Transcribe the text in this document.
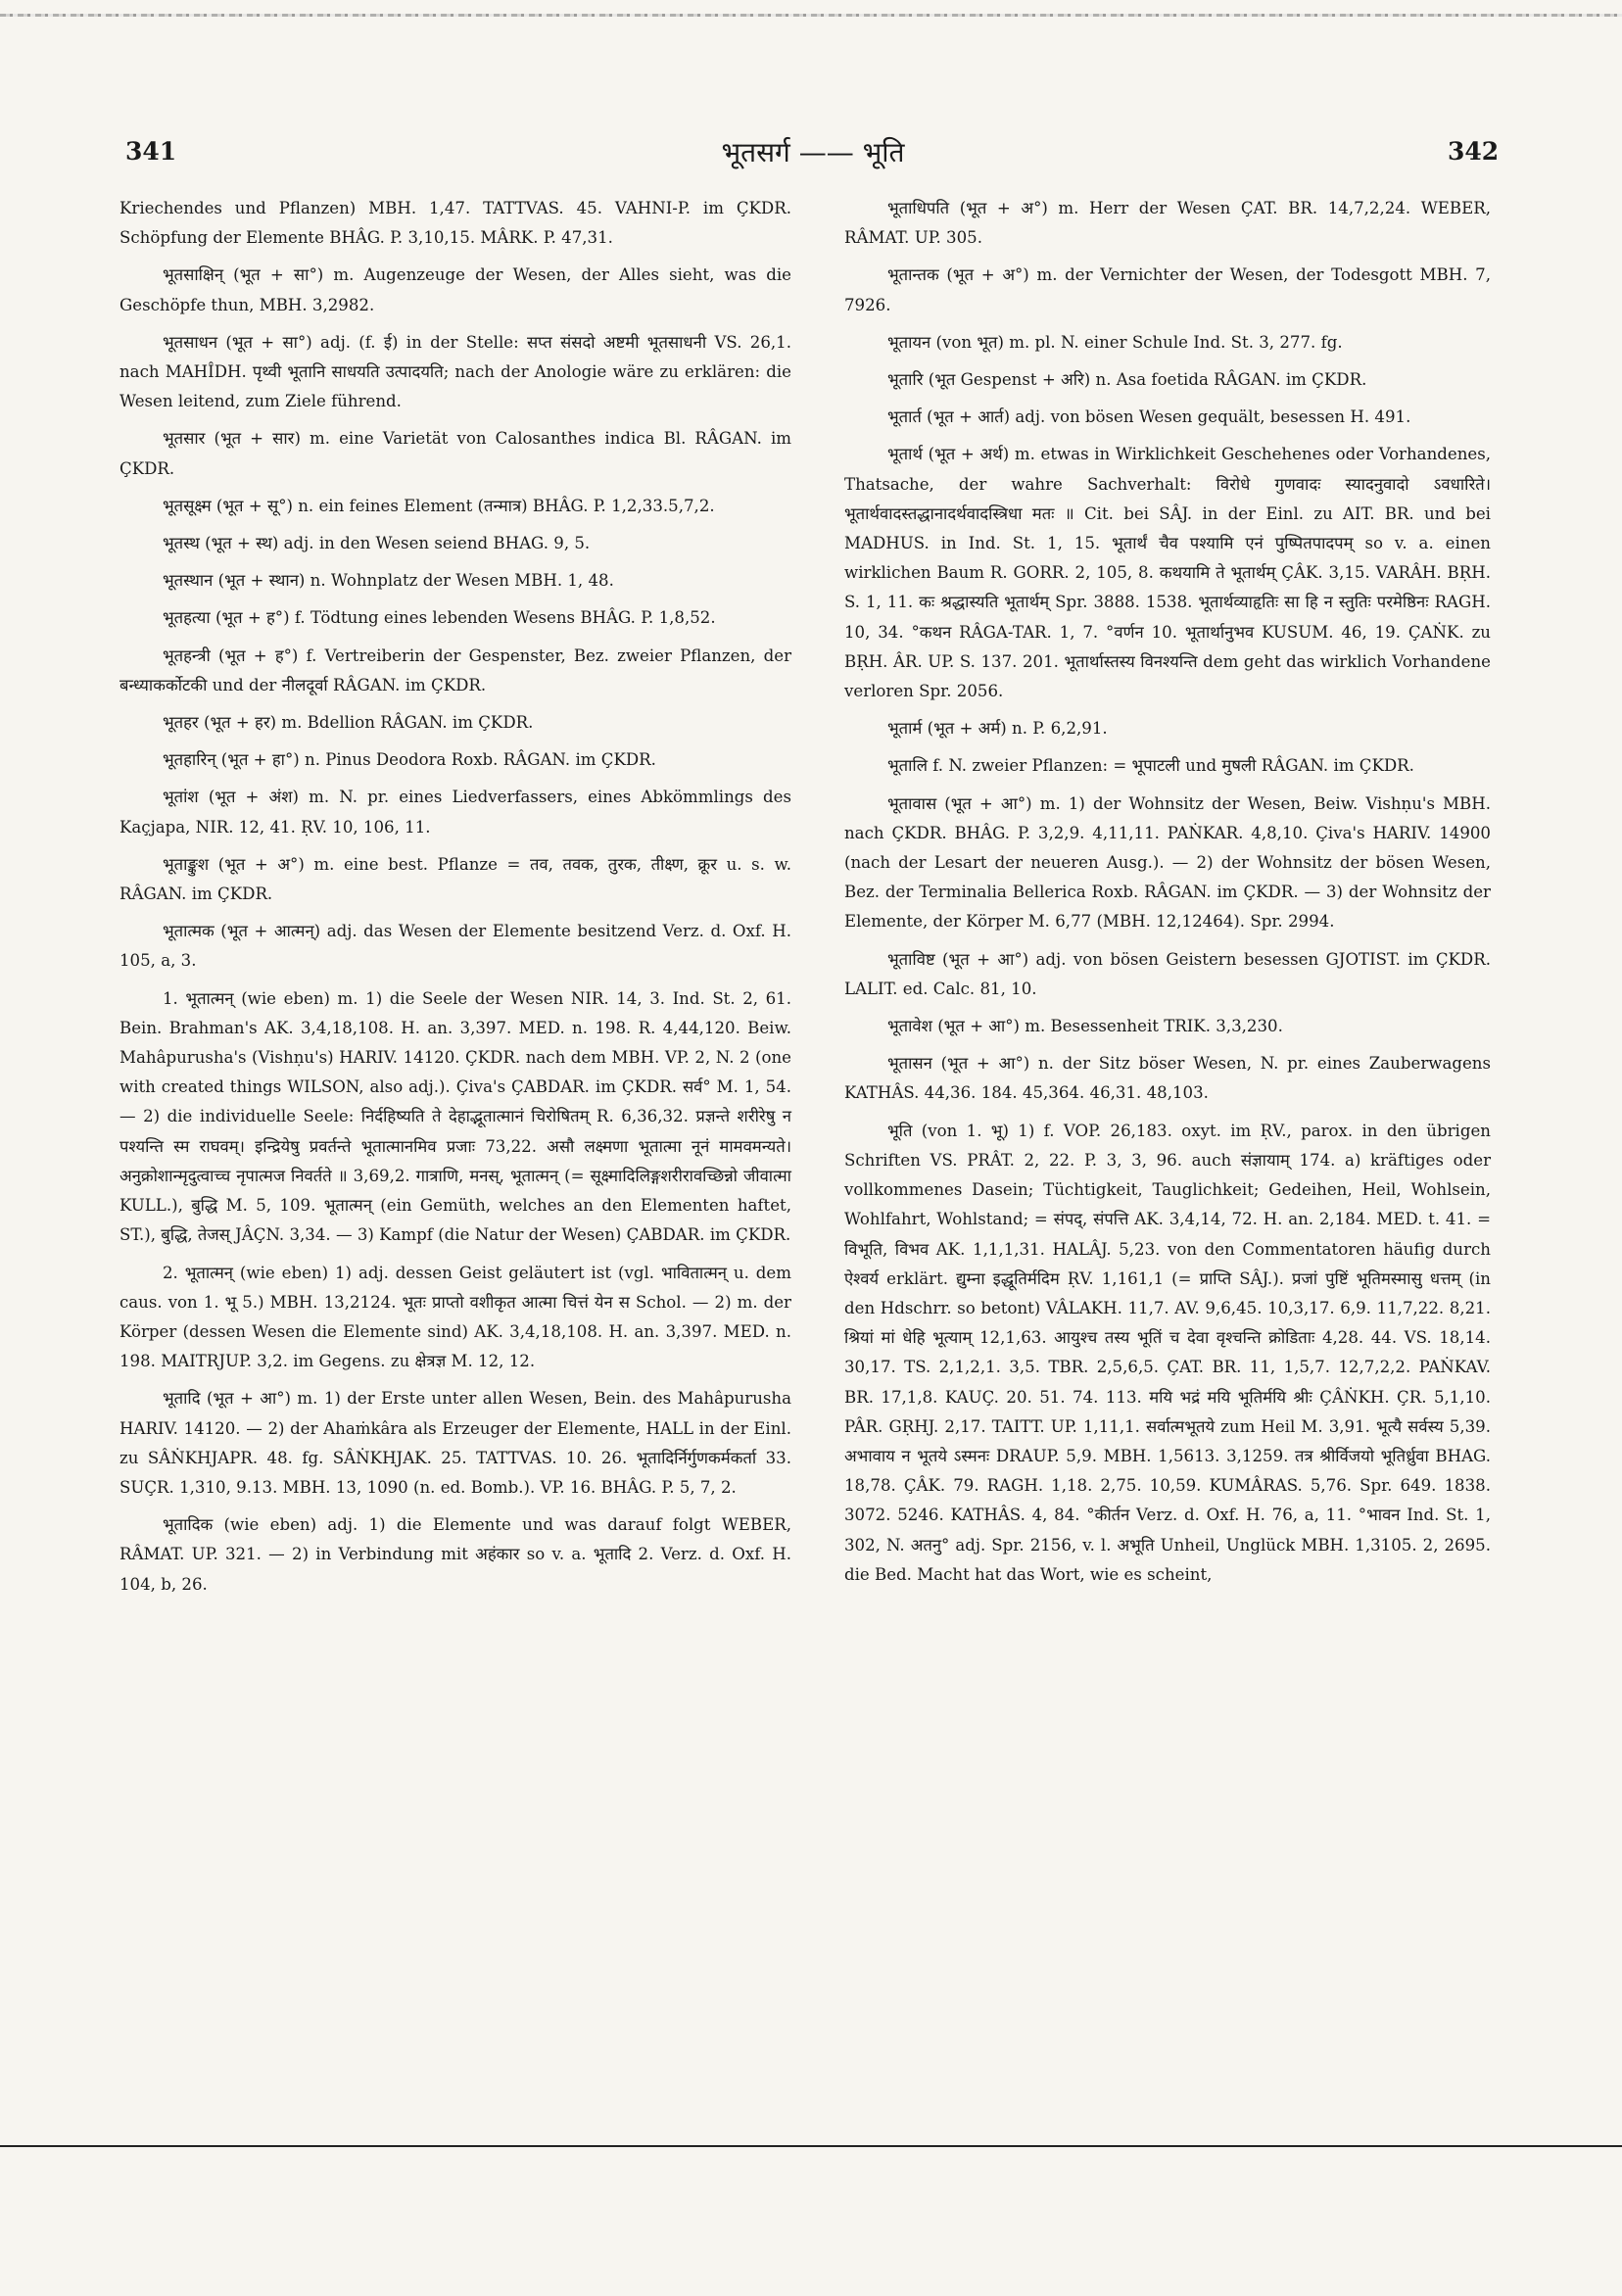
341	भूतसर्ग —— भूति	342

Kriechendes und Pflanzen) MBH. 1,47. TATTVAS. 45. VAHNI-P. im ÇKDR. Schöpfung der Elemente BHÂG. P. 3,10,15. MÂRK. P. 47,31.

भूतसाक्षिन् (भूत + सा°) m. Augenzeuge der Wesen, der Alles sieht, was die Geschöpfe thun, MBH. 3,2982.

भूतसाधन (भूत + सा°) adj. (f. ई) in der Stelle: सप्त संसदो अष्टमी भूतसाधनी VS. 26,1. nach MAHÎDH. पृथ्वी भूतानि साधयति उत्पादयति; nach der Anologie wäre zu erklären: die Wesen leitend, zum Ziele führend.

भूतसार (भूत + सार) m. eine Varietät von Calosanthes indica Bl. RÂGAN. im ÇKDR.

भूतसूक्ष्म (भूत + सू°) n. ein feines Element (तन्मात्र) BHÂG. P. 1,2,33.5,7,2.

भूतस्थ (भूत + स्थ) adj. in den Wesen seiend BHAG. 9, 5.

भूतस्थान (भूत + स्थान) n. Wohnplatz der Wesen MBH. 1, 48.

भूतहत्या (भूत + ह°) f. Tödtung eines lebenden Wesens BHÂG. P. 1,8,52.

भूतहन्त्री (भूत + ह°) f. Vertreiberin der Gespenster, Bez. zweier Pflanzen, der बन्ध्याकर्कोटकी und der नीलदूर्वा RÂGAN. im ÇKDR.

भूतहर (भूत + हर) m. Bdellion RÂGAN. im ÇKDR.

भूतहारिन् (भूत + हा°) n. Pinus Deodora Roxb. RÂGAN. im ÇKDR.

भूतांश (भूत + अंश) m. N. pr. eines Liedverfassers, eines Abkömmlings des Kaçjapa, NIR. 12, 41. ṚV. 10, 106, 11.

भूताङ्कुश (भूत + अ°) m. eine best. Pflanze = तव, तवक, तुरक, तीक्ष्ण, क्रूर u. s. w. RÂGAN. im ÇKDR.

भूतात्मक (भूत + आत्मन्) adj. das Wesen der Elemente besitzend Verz. d. Oxf. H. 105, a, 3.

1. भूतात्मन् (wie eben) m. 1) die Seele der Wesen NIR. 14, 3. Ind. St. 2, 61. Bein. Brahman's AK. 3,4,18,108. H. an. 3,397. MED. n. 198. R. 4,44,120. Beiw. Mahâpurusha's (Vishṇu's) HARIV. 14120. ÇKDR. nach dem MBH. VP. 2, N. 2 (one with created things WILSON, also adj.). Çiva's ÇABDAR. im ÇKDR. सर्व° M. 1, 54. — 2) die individuelle Seele: निर्दहिष्यति ते देहाद्भूतात्मानं चिरोषितम् R. 6,36,32. प्रज्ञन्ते शरीरेषु न पश्यन्ति स्म राघवम्। इन्द्रियेषु प्रवर्तन्ते भूतात्मानमिव प्रजाः 73,22. असौ लक्ष्मणा भूतात्मा नूनं मामवमन्यते। अनुक्रोशान्मृदुत्वाच्च नृपात्मज निवर्तते ॥ 3,69,2. गात्राणि, मनस्, भूतात्मन् (= सूक्ष्मादिलिङ्गशरीरावच्छिन्नो जीवात्मा KULL.), बुद्धि M. 5, 109. भूतात्मन् (ein Gemüth, welches an den Elementen haftet, ST.), बुद्धि, तेजस् JÂÇN. 3,34. — 3) Kampf (die Natur der Wesen) ÇABDAR. im ÇKDR.

2. भूतात्मन् (wie eben) 1) adj. dessen Geist geläutert ist (vgl. भावितात्मन् u. dem caus. von 1. भू 5.) MBH. 13,2124. भूतः प्राप्तो वशीकृत आत्मा चित्तं येन स Schol. — 2) m. der Körper (dessen Wesen die Elemente sind) AK. 3,4,18,108. H. an. 3,397. MED. n. 198. MAITRJUP. 3,2. im Gegens. zu क्षेत्रज्ञ M. 12, 12.

भूतादि (भूत + आ°) m. 1) der Erste unter allen Wesen, Bein. des Mahâpurusha HARIV. 14120. — 2) der Ahaṁkâra als Erzeuger der Elemente, HALL in der Einl. zu SÂṄKHJAPR. 48. fg. SÂṄKHJAK. 25. TATTVAS. 10. 26. भूतादिर्निर्गुणकर्मकर्ता 33. SUÇR. 1,310, 9.13. MBH. 13, 1090 (n. ed. Bomb.). VP. 16. BHÂG. P. 5, 7, 2.

भूतादिक (wie eben) adj. 1) die Elemente und was darauf folgt WEBER, RÂMAT. UP. 321. — 2) in Verbindung mit अहंकार so v. a. भूतादि 2. Verz. d. Oxf. H. 104, b, 26.

भूताधिपति (भूत + अ°) m. Herr der Wesen ÇAT. BR. 14,7,2,24. WEBER, RÂMAT. UP. 305.

भूतान्तक (भूत + अ°) m. der Vernichter der Wesen, der Todesgott MBH. 7, 7926.

भूतायन (von भूत) m. pl. N. einer Schule Ind. St. 3, 277. fg.

भूतारि (भूत Gespenst + अरि) n. Asa foetida RÂGAN. im ÇKDR.

भूतार्त (भूत + आर्त) adj. von bösen Wesen gequält, besessen H. 491.

भूतार्थ (भूत + अर्थ) m. etwas in Wirklichkeit Geschehenes oder Vorhandenes, Thatsache, der wahre Sachverhalt: विरोधे गुणवादः स्यादनुवादो ऽवधारिते। भूतार्थवादस्तद्धानादर्थवादस्त्रिधा मतः ॥ Cit. bei SÂJ. in der Einl. zu AIT. BR. und bei MADHUS. in Ind. St. 1, 15. भूतार्थं चैव पश्यामि एनं पुष्पितपादपम् so v. a. einen wirklichen Baum R. GORR. 2, 105, 8. कथयामि ते भूतार्थम् ÇÂK. 3,15. VARÂH. BṚH. S. 1, 11. कः श्रद्धास्यति भूतार्थम् Spr. 3888. 1538. भूतार्थव्याहृतिः सा हि न स्तुतिः परमेष्ठिनः RAGH. 10, 34. °कथन RÂGA-TAR. 1, 7. °वर्णन 10. भूतार्थानुभव KUSUM. 46, 19. ÇAṄK. zu BṚH. ÂR. UP. S. 137. 201. भूतार्थास्तस्य विनश्यन्ति dem geht das wirklich Vorhandene verloren Spr. 2056.

भूतार्म (भूत + अर्म) n. P. 6,2,91.

भूतालि f. N. zweier Pflanzen: = भूपाटली und मुषली RÂGAN. im ÇKDR.

भूतावास (भूत + आ°) m. 1) der Wohnsitz der Wesen, Beiw. Vishṇu's MBH. nach ÇKDR. BHÂG. P. 3,2,9. 4,11,11. PAṄKAR. 4,8,10. Çiva's HARIV. 14900 (nach der Lesart der neueren Ausg.). — 2) der Wohnsitz der bösen Wesen, Bez. der Terminalia Bellerica Roxb. RÂGAN. im ÇKDR. — 3) der Wohnsitz der Elemente, der Körper M. 6,77 (MBH. 12,12464). Spr. 2994.

भूताविष्ट (भूत + आ°) adj. von bösen Geistern besessen GJOTIST. im ÇKDR. LALIT. ed. Calc. 81, 10.

भूतावेश (भूत + आ°) m. Besessenheit TRIK. 3,3,230.

भूतासन (भूत + आ°) n. der Sitz böser Wesen, N. pr. eines Zauberwagens KATHÂS. 44,36. 184. 45,364. 46,31. 48,103.

भूति (von 1. भू) 1) f. VOP. 26,183. oxyt. im ṚV., parox. in den übrigen Schriften VS. PRÂT. 2, 22. P. 3, 3, 96. auch संज्ञायाम् 174. a) kräftiges oder vollkommenes Dasein; Tüchtigkeit, Tauglichkeit; Gedeihen, Heil, Wohlsein, Wohlfahrt, Wohlstand; = संपद्, संपत्ति AK. 3,4,14, 72. H. an. 2,184. MED. t. 41. = विभूति, विभव AK. 1,1,1,31. HALÂJ. 5,23. von den Commentatoren häufig durch ऐश्वर्य erklärt. द्युम्ना इद्धूतिर्मदिम ṚV. 1,161,1 (= प्राप्ति SÂJ.). प्रजां पुष्टिं भूतिमस्मासु धत्तम् (in den Hdschrr. so betont) VÂLAKH. 11,7. AV. 9,6,45. 10,3,17. 6,9. 11,7,22. 8,21. श्रियां मां धेहि भूत्याम् 12,1,63. आयुश्च तस्य भूतिं च देवा वृश्चन्ति क्रोडिताः 4,28. 44. VS. 18,14. 30,17. TS. 2,1,2,1. 3,5. TBR. 2,5,6,5. ÇAT. BR. 11, 1,5,7. 12,7,2,2. PAṄKAV. BR. 17,1,8. KAUÇ. 20. 51. 74. 113. मयि भद्रं मयि भूतिर्मयि श्रीः ÇÂṄKH. ÇR. 5,1,10. PÂR. GṚHJ. 2,17. TAITT. UP. 1,11,1. सर्वात्मभूतये zum Heil M. 3,91. भूत्यै सर्वस्य 5,39. अभावाय न भूतये ऽस्मनः DRAUP. 5,9. MBH. 1,5613. 3,1259. तत्र श्रीर्विजयो भूतिर्ध्रुवा BHAG. 18,78. ÇÂK. 79. RAGH. 1,18. 2,75. 10,59. KUMÂRAS. 5,76. Spr. 649. 1838. 3072. 5246. KATHÂS. 4, 84. °कीर्तन Verz. d. Oxf. H. 76, a, 11. °भावन Ind. St. 1, 302, N. अतनु° adj. Spr. 2156, v. l. अभूति Unheil, Unglück MBH. 1,3105. 2, 2695. die Bed. Macht hat das Wort, wie es scheint,
